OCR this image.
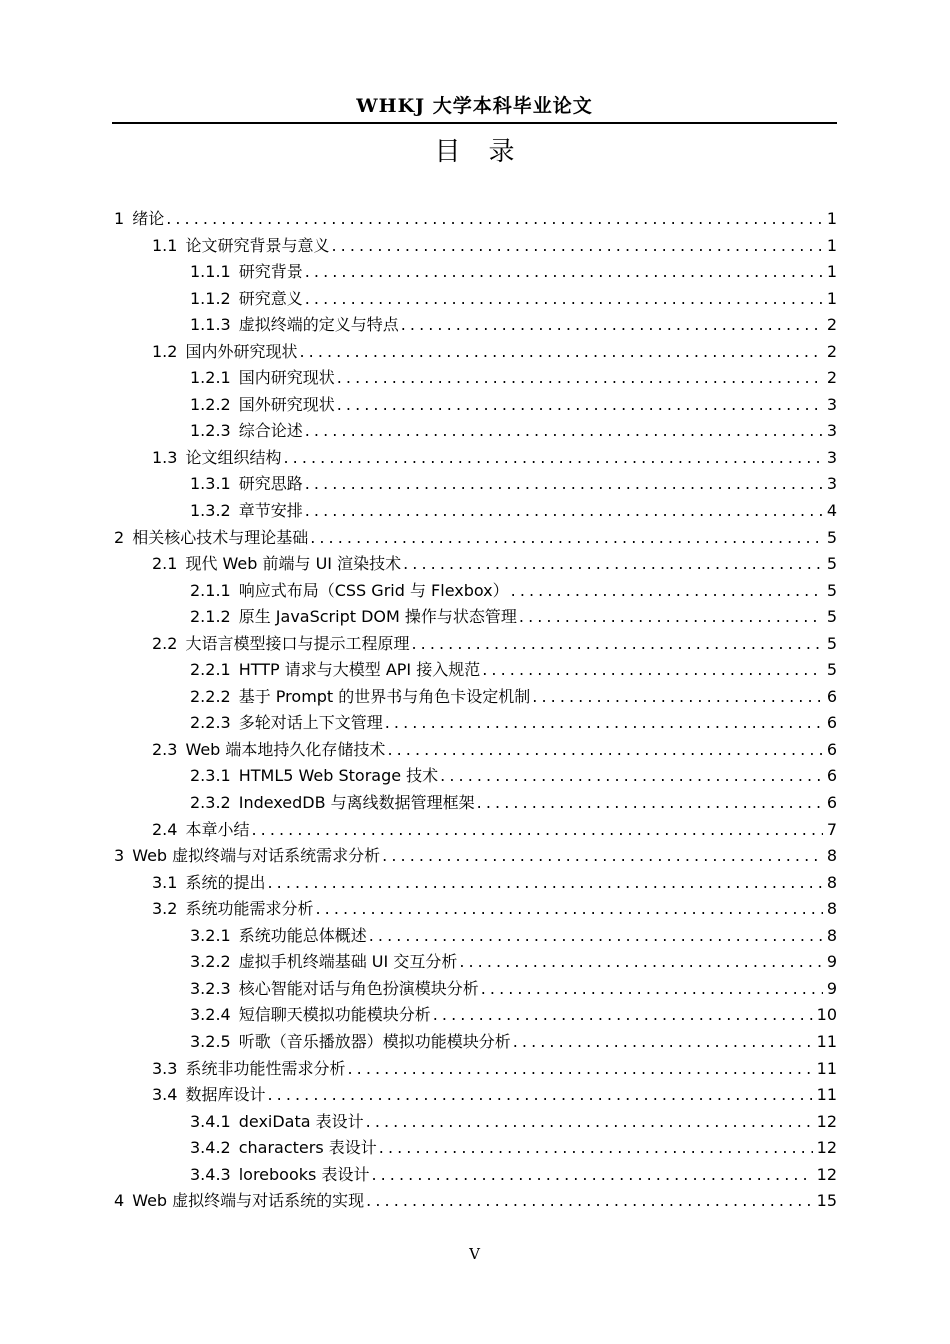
WHKJ 大学本科毕业论文
目录
1 绪论 . . .	1
1.1 论文研究背景与意义 . . .	1
1.1.1 研究背景 . . .	1
1.1.2 研究意义 . . .	1
1.1.3 虚拟终端的定义与特点 . . .	2
1.2 国内外研究现状 . . .	2
1.2.1 国内研究现状 . . .	2
1.2.2 国外研究现状 . . .	3
1.2.3 综合论述 . . .	3
1.3 论文组织结构 . . .	3
1.3.1 研究思路 . . .	3
1.3.2 章节安排 . . .	4
2 相关核心技术与理论基础 . . .	5
2.1 现代 Web 前端与 UI 渲染技术 . . .	5
2.1.1 响应式布局（CSS Grid 与 Flexbox） . . .	5
2.1.2 原生 JavaScript DOM 操作与状态管理 . . .	5
2.2 大语言模型接口与提示工程原理 . . .	5
2.2.1 HTTP 请求与大模型 API 接入规范 . . .	5
2.2.2 基于 Prompt 的世界书与角色卡设定机制 . . .	6
2.2.3 多轮对话上下文管理 . . .	6
2.3 Web 端本地持久化存储技术 . . .	6
2.3.1 HTML5 Web Storage 技术 . . .	6
2.3.2 IndexedDB 与离线数据管理框架 . . .	6
2.4 本章小结 . . .	7
3 Web 虚拟终端与对话系统需求分析 . . .	8
3.1 系统的提出 . . .	8
3.2 系统功能需求分析 . . .	8
3.2.1 系统功能总体概述 . . .	8
3.2.2 虚拟手机终端基础 UI 交互分析 . . .	9
3.2.3 核心智能对话与角色扮演模块分析 . . .	9
3.2.4 短信聊天模拟功能模块分析 . . .	10
3.2.5 听歌（音乐播放器）模拟功能模块分析 . . .	11
3.3 系统非功能性需求分析 . . .	11
3.4 数据库设计 . . .	11
3.4.1 dexiData 表设计 . . .	12
3.4.2 characters 表设计 . . .	12
3.4.3 lorebooks 表设计 . . .	12
4 Web 虚拟终端与对话系统的实现 . . .	15
V
